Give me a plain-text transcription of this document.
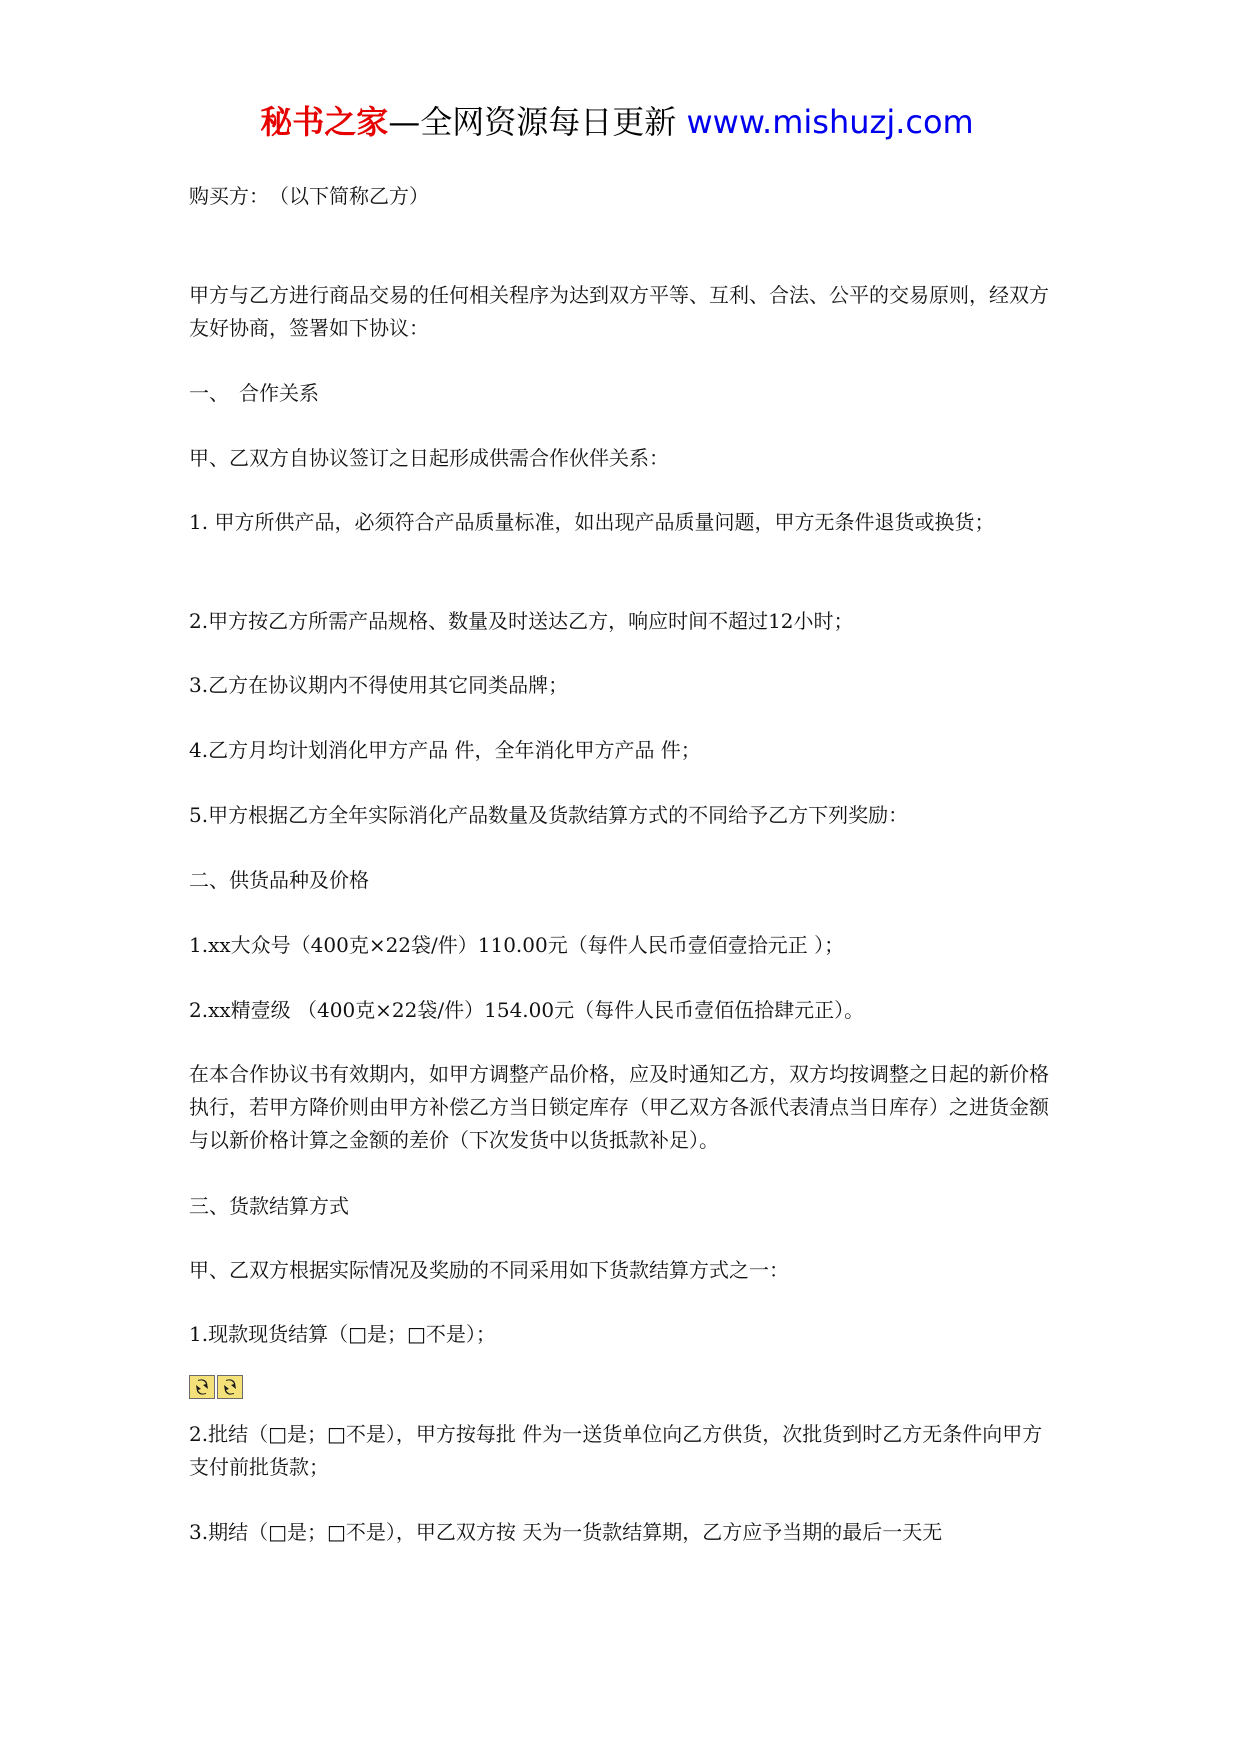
秘书之家—全网资源每日更新 www.mishuzj.com

购买方：　（以下简称乙方）

甲方与乙方进行商品交易的任何相关程序为达到双方平等、互利、合法、公平的交易原则，经双方友好协商，签署如下协议：

一、　合作关系

甲、乙双方自协议签订之日起形成供需合作伙伴关系：

1. 甲方所供产品，必须符合产品质量标准，如出现产品质量问题，甲方无条件退货或换货；

2.甲方按乙方所需产品规格、数量及时送达乙方，响应时间不超过12小时；

3.乙方在协议期内不得使用其它同类品牌；

4.乙方月均计划消化甲方产品 件，全年消化甲方产品 件；

5.甲方根据乙方全年实际消化产品数量及货款结算方式的不同给予乙方下列奖励：

二、供货品种及价格

1.xx大众号（400克×22袋/件）110.00元（每件人民币壹佰壹拾元正 ）；

2.xx精壹级 （400克×22袋/件）154.00元（每件人民币壹佰伍拾肆元正）。

在本合作协议书有效期内，如甲方调整产品价格，应及时通知乙方，双方均按调整之日起的新价格执行，若甲方降价则由甲方补偿乙方当日锁定库存（甲乙双方各派代表清点当日库存）之进货金额与以新价格计算之金额的差价（下次发货中以货抵款补足）。

三、货款结算方式

甲、乙双方根据实际情况及奖励的不同采用如下货款结算方式之一：

1.现款现货结算（□是；□不是）；

2.批结（□是；□不是），甲方按每批 件为一送货单位向乙方供货，次批货到时乙方无条件向甲方支付前批货款；

3.期结（□是；□不是），甲乙双方按 天为一货款结算期，乙方应予当期的最后一天无
